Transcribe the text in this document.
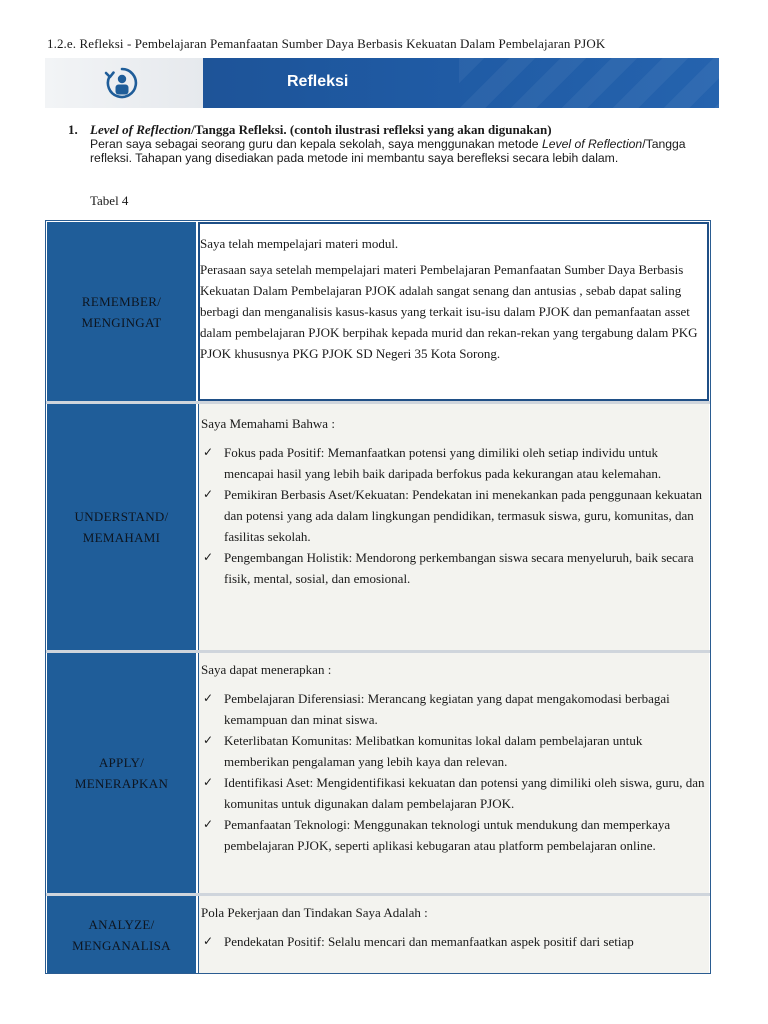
1.2.e. Refleksi - Pembelajaran Pemanfaatan Sumber Daya Berbasis Kekuatan Dalam Pembelajaran PJOK
Refleksi
1. Level of Reflection/Tangga Refleksi. (contoh ilustrasi refleksi yang akan digunakan)
Peran saya sebagai seorang guru dan kepala sekolah, saya menggunakan metode Level of Reflection/Tangga refleksi. Tahapan yang disediakan pada metode ini membantu saya berefleksi secara lebih dalam.
Tabel 4
REMEMBER/
MENGINGAT

Saya telah mempelajari materi modul.

Perasaan saya setelah mempelajari materi Pembelajaran Pemanfaatan Sumber Daya Berbasis Kekuatan Dalam Pembelajaran PJOK adalah sangat senang dan antusias , sebab dapat saling berbagi dan menganalisis kasus-kasus yang terkait isu-isu dalam PJOK dan pemanfaatan asset dalam pembelajaran PJOK berpihak kepada murid dan rekan-rekan yang tergabung dalam PKG PJOK khususnya PKG PJOK SD Negeri 35 Kota Sorong.

UNDERSTAND/
MEMAHAMI

Saya Memahami Bahwa :

✓ Fokus pada Positif: Memanfaatkan potensi yang dimiliki oleh setiap individu untuk mencapai hasil yang lebih baik daripada berfokus pada kekurangan atau kelemahan.
✓ Pemikiran Berbasis Aset/Kekuatan: Pendekatan ini menekankan pada penggunaan kekuatan dan potensi yang ada dalam lingkungan pendidikan, termasuk siswa, guru, komunitas, dan fasilitas sekolah.
✓ Pengembangan Holistik: Mendorong perkembangan siswa secara menyeluruh, baik secara fisik, mental, sosial, dan emosional.
APPLY/
MENERAPKAN

Saya dapat menerapkan :

✓ Pembelajaran Diferensiasi: Merancang kegiatan yang dapat mengakomodasi berbagai kemampuan dan minat siswa.
✓ Keterlibatan Komunitas: Melibatkan komunitas lokal dalam pembelajaran untuk memberikan pengalaman yang lebih kaya dan relevan.
✓ Identifikasi Aset: Mengidentifikasi kekuatan dan potensi yang dimiliki oleh siswa, guru, dan komunitas untuk digunakan dalam pembelajaran PJOK.
✓ Pemanfaatan Teknologi: Menggunakan teknologi untuk mendukung dan memperkaya pembelajaran PJOK, seperti aplikasi kebugaran atau platform pembelajaran online.
ANALYZE/
MENGANALISA

Pola Pekerjaan dan Tindakan Saya Adalah :

✓ Pendekatan Positif: Selalu mencari dan memanfaatkan aspek positif dari setiap
